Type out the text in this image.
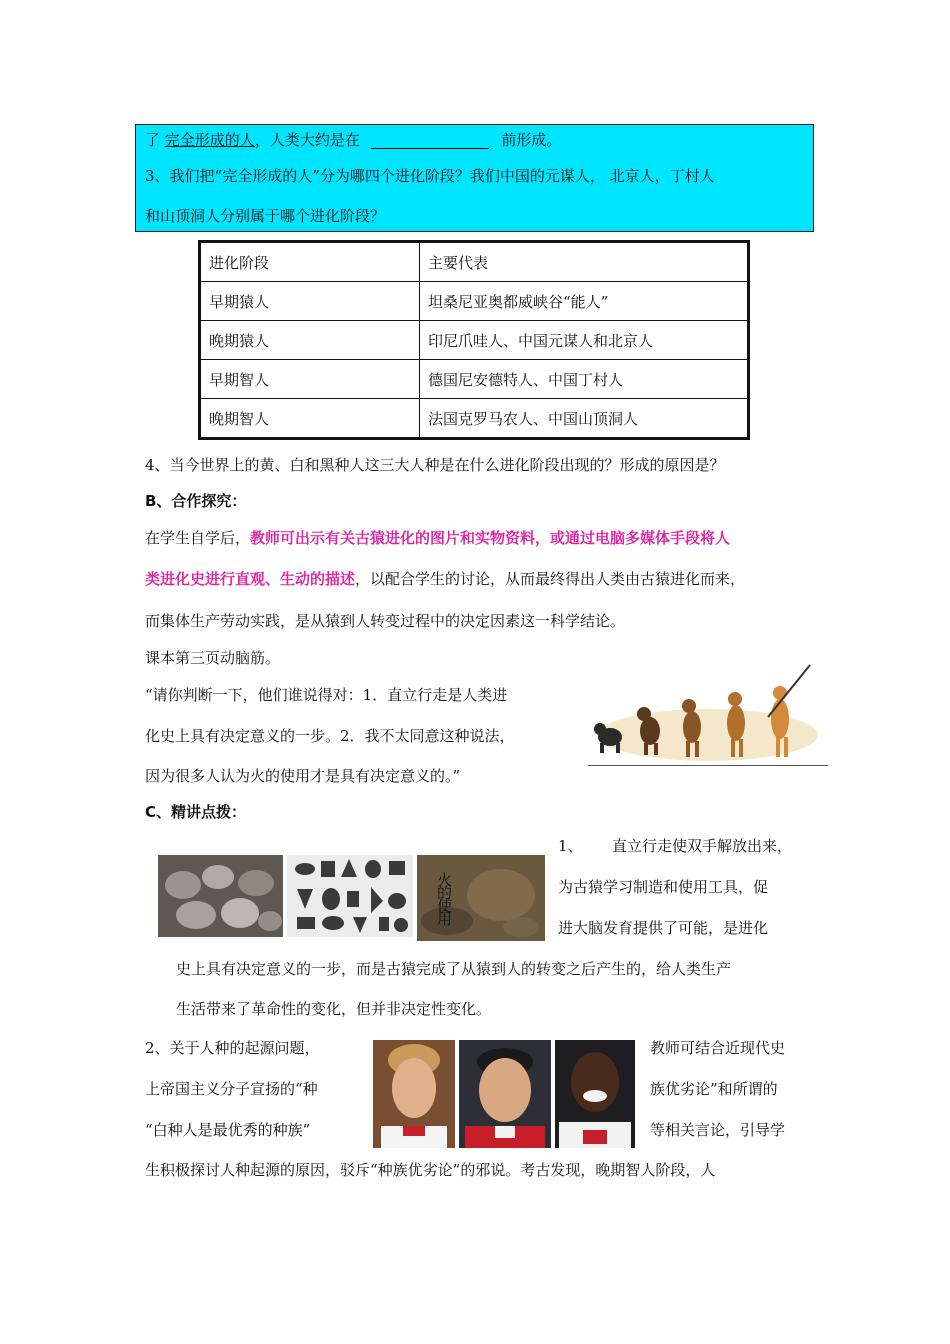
了 完全形成的人，人类大约是在	前形成。
3、我们把“完全形成的人”分为哪四个进化阶段？我们中国的元谋人， 北京人，丁村人
和山顶洞人分别属于哪个进化阶段？
进化阶段	主要代表
早期猿人	坦桑尼亚奥都威峡谷“能人”
晚期猿人	印尼爪哇人、中国元谋人和北京人
早期智人	德国尼安德特人、中国丁村人
晚期智人	法国克罗马农人、中国山顶洞人
4、当今世界上的黄、白和黑种人这三大人种是在什么进化阶段出现的？形成的原因是？
B、合作探究：
在学生自学后，教师可出示有关古猿进化的图片和实物资料，或通过电脑多媒体手段将人
类进化史进行直观、生动的描述，以配合学生的讨论，从而最终得出人类由古猿进化而来，
而集体生产劳动实践，是从猿到人转变过程中的决定因素这一科学结论。
课本第三页动脑筋。
“请你判断一下，他们谁说得对：1．直立行走是人类进
化史上具有决定意义的一步。2．我不太同意这种说法，
因为很多人认为火的使用才是具有决定意义的。”
C、精讲点拨：
火的使用
1、 直立行走使双手解放出来，
为古猿学习制造和使用工具，促
进大脑发育提供了可能，是进化
史上具有决定意义的一步，而是古猿完成了从猿到人的转变之后产生的，给人类生产
生活带来了革命性的变化，但并非决定性变化。
2、关于人种的起源问题，	教师可结合近现代史
上帝国主义分子宣扬的“种	族优劣论”和所谓的
“白种人是最优秀的种族”	等相关言论，引导学
生积极探讨人种起源的原因，驳斥“种族优劣论”的邪说。考古发现，晚期智人阶段，人
